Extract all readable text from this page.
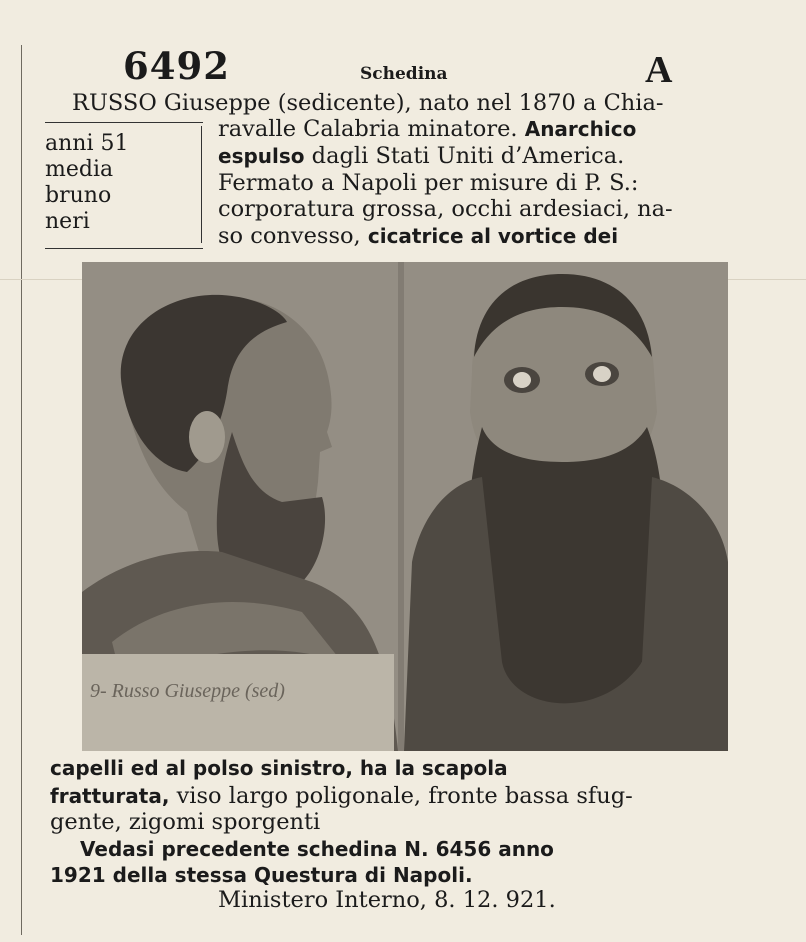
6492	Schedina	A
anni 51
media
bruno
neri
RUSSO Giuseppe (sedicente), nato nel 1870 a Chia-
ravalle Calabria minatore. Anarchico
espulso dagli Stati Uniti d’America.
Fermato a Napoli per misure di P. S.:
corporatura grossa, occhi ardesiaci, na-
so convesso, cicatrice al vortice dei
9- Russo Giuseppe (sed)
capelli ed al polso sinistro, ha la scapola
fratturata, viso largo poligonale, fronte bassa sfug-
gente, zigomi sporgenti
Vedasi precedente schedina N. 6456 anno
1921 della stessa Questura di Napoli.
Ministero Interno, 8. 12. 921.
